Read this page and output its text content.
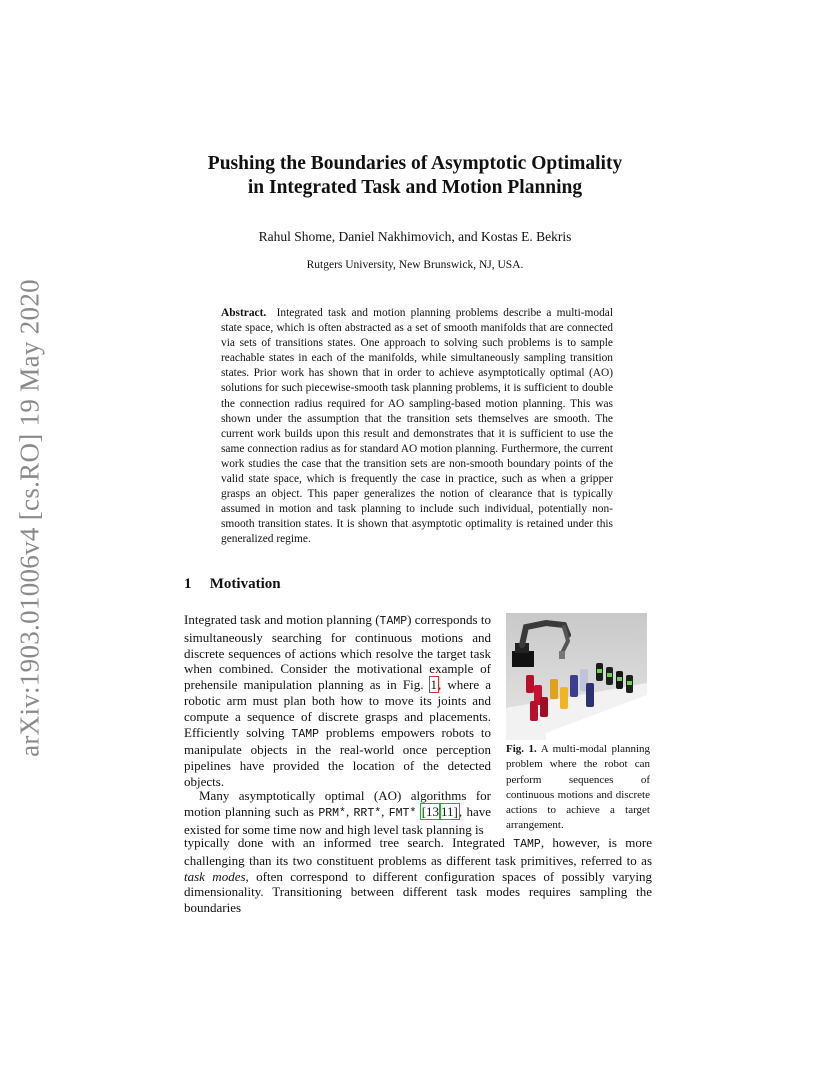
arXiv:1903.01006v4 [cs.RO] 19 May 2020
Pushing the Boundaries of Asymptotic Optimality
in Integrated Task and Motion Planning
Rahul Shome, Daniel Nakhimovich, and Kostas E. Bekris
Rutgers University, New Brunswick, NJ, USA.
Abstract. Integrated task and motion planning problems describe a multi-modal state space, which is often abstracted as a set of smooth manifolds that are connected via sets of transitions states. One approach to solving such problems is to sample reachable states in each of the manifolds, while simultaneously sampling transition states. Prior work has shown that in order to achieve asymptotically optimal (AO) solutions for such piecewise-smooth task planning problems, it is sufficient to double the connection radius required for AO sampling-based motion planning. This was shown under the assumption that the transition sets themselves are smooth. The current work builds upon this result and demonstrates that it is sufficient to use the same connection radius as for standard AO motion planning. Furthermore, the current work studies the case that the transition sets are non-smooth boundary points of the valid state space, which is frequently the case in practice, such as when a gripper grasps an object. This paper generalizes the notion of clearance that is typically assumed in motion and task planning to include such individual, potentially non-smooth transition states. It is shown that asymptotic optimality is retained under this generalized regime.
1 Motivation
Integrated task and motion planning (TAMP) corresponds to simultaneously searching for continuous motions and discrete sequences of actions which resolve the target task when combined. Consider the motivational example of prehensile manipulation planning as in Fig. 1, where a robotic arm must plan both how to move its joints and compute a sequence of discrete grasps and placements. Efficiently solving TAMP problems empowers robots to manipulate objects in the real-world once perception pipelines have provided the location of the detected objects.
Many asymptotically optimal (AO) algorithms for motion planning such as PRM*, RRT*, FMT* [13 11], have existed for some time now and high level task planning is
typically done with an informed tree search. Integrated TAMP, however, is more challenging than its two constituent problems as different task primitives, referred to as task modes, often correspond to different configuration spaces of possibly varying dimensionality. Transitioning between different task modes requires sampling the boundaries
Fig. 1. A multi-modal planning problem where the robot can perform sequences of continuous motions and discrete actions to achieve a target arrangement.
